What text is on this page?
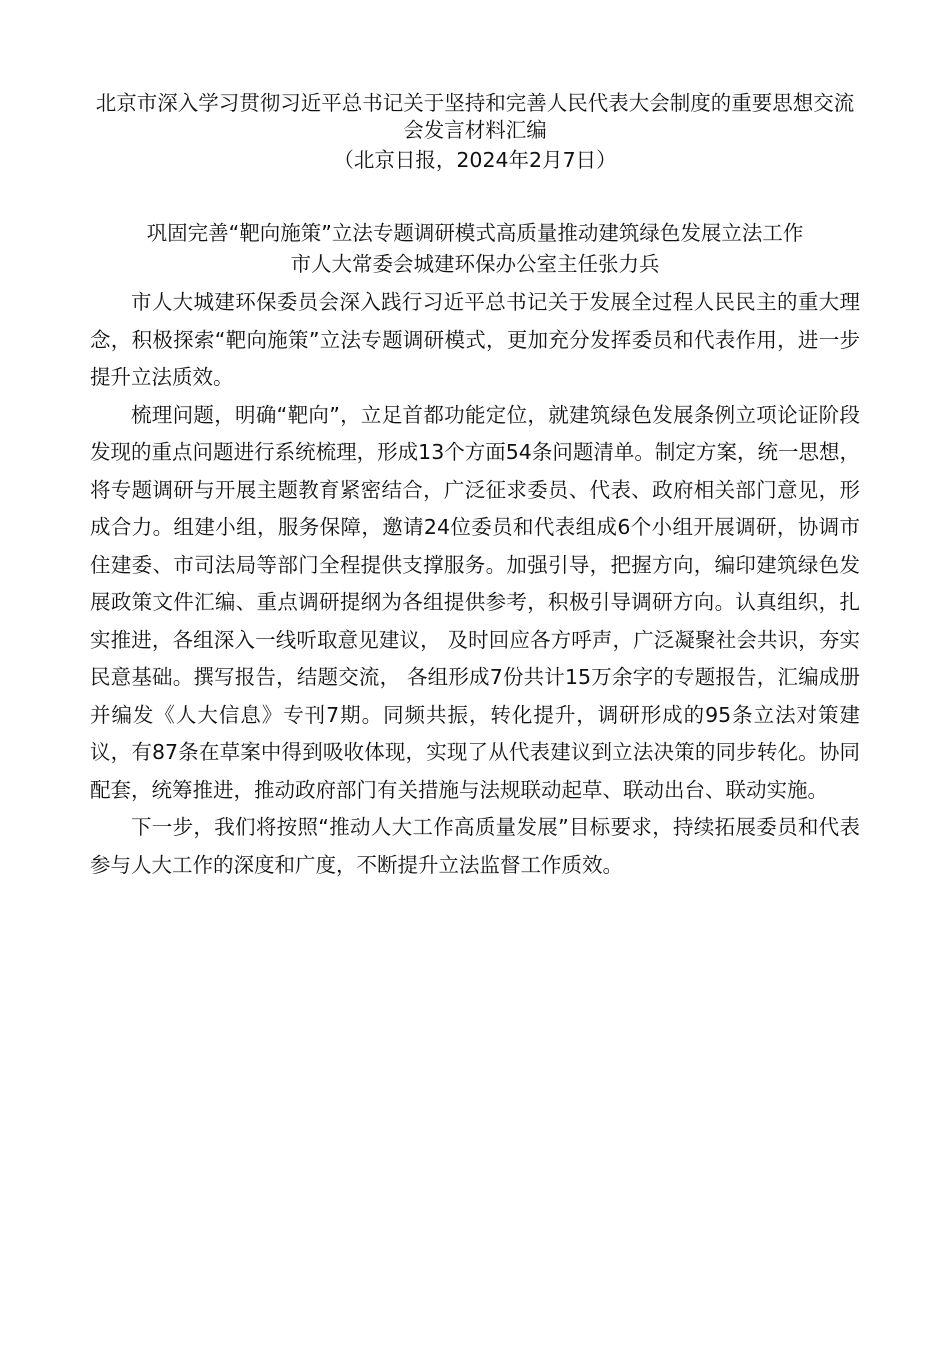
北京市深入学习贯彻习近平总书记关于坚持和完善人民代表大会制度的重要思想交流会发言材料汇编

（北京日报，2024年2月7日）

巩固完善“靶向施策”立法专题调研模式高质量推动建筑绿色发展立法工作

市人大常委会城建环保办公室主任张力兵

市人大城建环保委员会深入践行习近平总书记关于发展全过程人民民主的重大理念，积极探索“靶向施策”立法专题调研模式，更加充分发挥委员和代表作用，进一步提升立法质效。

梳理问题，明确“靶向”，立足首都功能定位，就建筑绿色发展条例立项论证阶段发现的重点问题进行系统梳理，形成13个方面54条问题清单。制定方案，统一思想，将专题调研与开展主题教育紧密结合，广泛征求委员、代表、政府相关部门意见，形成合力。组建小组，服务保障，邀请24位委员和代表组成6个小组开展调研，协调市住建委、市司法局等部门全程提供支撑服务。加强引导，把握方向，编印建筑绿色发展政策文件汇编、重点调研提纲为各组提供参考，积极引导调研方向。认真组织，扎实推进，各组深入一线听取意见建议， 及时回应各方呼声，广泛凝聚社会共识，夯实民意基础。撰写报告，结题交流， 各组形成7份共计15万余字的专题报告，汇编成册并编发《人大信息》专刊7期。同频共振，转化提升，调研形成的95条立法对策建议，有87条在草案中得到吸收体现，实现了从代表建议到立法决策的同步转化。协同配套，统筹推进，推动政府部门有关措施与法规联动起草、联动出台、联动实施。

下一步，我们将按照“推动人大工作高质量发展”目标要求，持续拓展委员和代表参与人大工作的深度和广度，不断提升立法监督工作质效。
